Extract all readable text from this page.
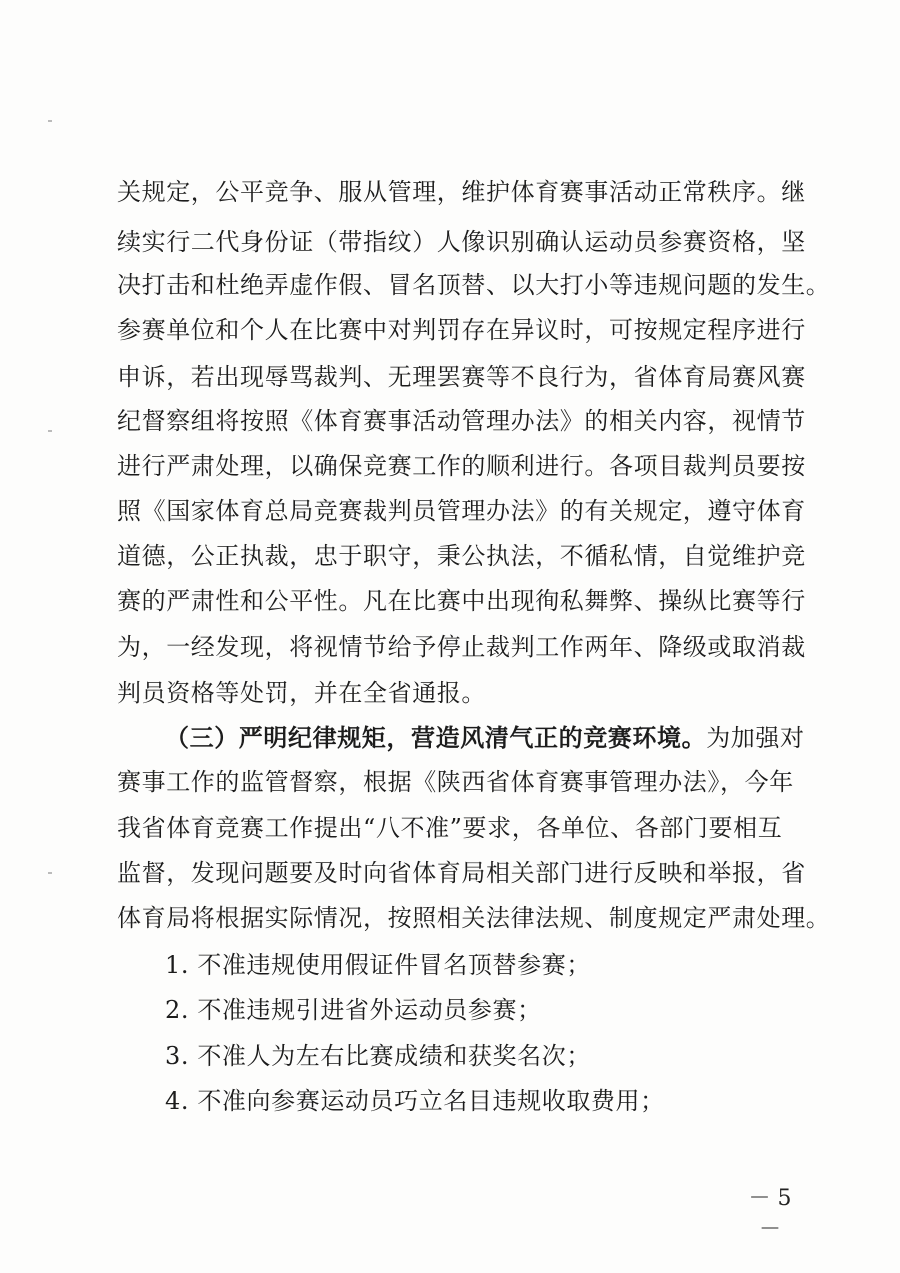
关规定，公平竞争、服从管理，维护体育赛事活动正常秩序。继
续实行二代身份证（带指纹）人像识别确认运动员参赛资格，坚
决打击和杜绝弄虚作假、冒名顶替、以大打小等违规问题的发生。
参赛单位和个人在比赛中对判罚存在异议时，可按规定程序进行
申诉，若出现辱骂裁判、无理罢赛等不良行为，省体育局赛风赛
纪督察组将按照《体育赛事活动管理办法》的相关内容，视情节
进行严肃处理，以确保竞赛工作的顺利进行。各项目裁判员要按
照《国家体育总局竞赛裁判员管理办法》的有关规定，遵守体育
道德，公正执裁，忠于职守，秉公执法，不循私情，自觉维护竞
赛的严肃性和公平性。凡在比赛中出现徇私舞弊、操纵比赛等行
为，一经发现，将视情节给予停止裁判工作两年、降级或取消裁
判员资格等处罚，并在全省通报。
（三）严明纪律规矩，营造风清气正的竞赛环境。为加强对
赛事工作的监管督察，根据《陕西省体育赛事管理办法》，今年
我省体育竞赛工作提出“八不准”要求，各单位、各部门要相互
监督，发现问题要及时向省体育局相关部门进行反映和举报，省
体育局将根据实际情况，按照相关法律法规、制度规定严肃处理。
1. 不准违规使用假证件冒名顶替参赛；
2. 不准违规引进省外运动员参赛；
3. 不准人为左右比赛成绩和获奖名次；
4. 不准向参赛运动员巧立名目违规收取费用；
－ 5 －
